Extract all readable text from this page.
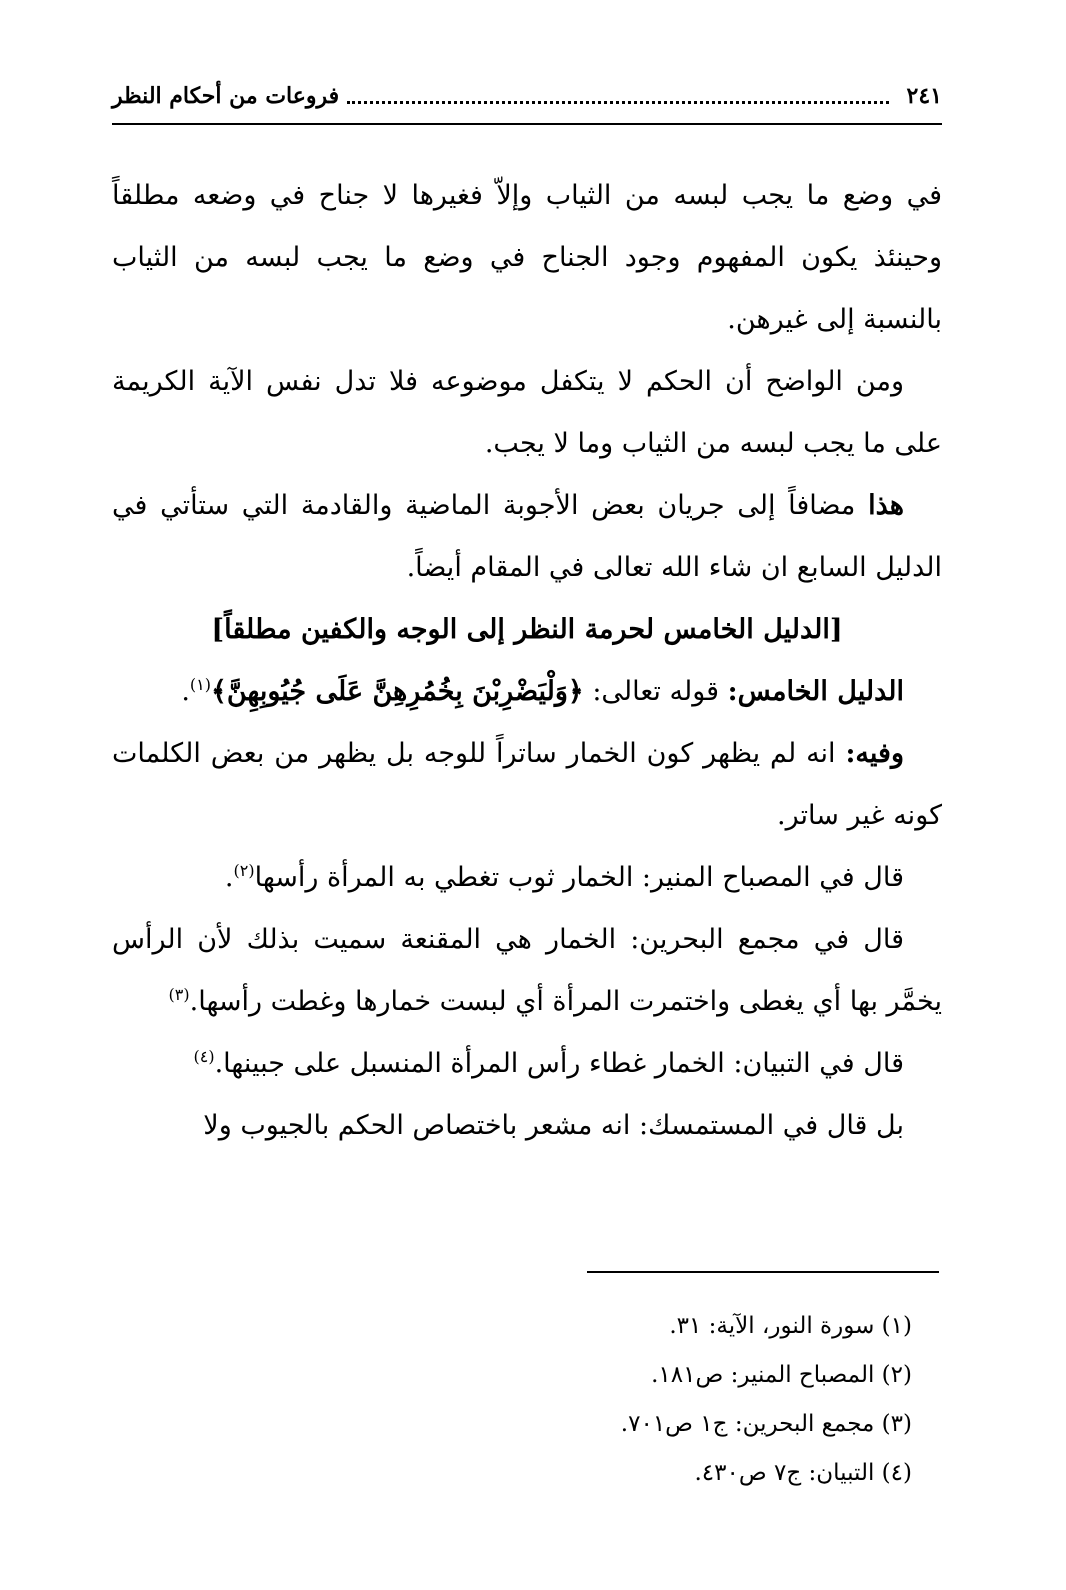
٢٤١
فروعات من أحكام النظر

في وضع ما يجب لبسه من الثياب وإلاّ فغيرها لا جناح في وضعه مطلقاً وحينئذ يكون المفهوم وجود الجناح في وضع ما يجب لبسه من الثياب بالنسبة إلى غيرهن.

ومن الواضح أن الحكم لا يتكفل موضوعه فلا تدل نفس الآية الكريمة على ما يجب لبسه من الثياب وما لا يجب.

هذا مضافاً إلى جريان بعض الأجوبة الماضية والقادمة التي ستأتي في الدليل السابع ان شاء الله تعالى في المقام أيضاً.

[الدليل الخامس لحرمة النظر إلى الوجه والكفين مطلقاً]

الدليل الخامس: قوله تعالى: ﴿وَلْيَضْرِبْنَ بِخُمُرِهِنَّ عَلَى جُيُوبِهِنَّ﴾$^{(١)}$.

وفيه: انه لم يظهر كون الخمار ساتراً للوجه بل يظهر من بعض الكلمات كونه غير ساتر.

قال في المصباح المنير: الخمار ثوب تغطي به المرأة رأسها$^{(٢)}$.

قال في مجمع البحرين: الخمار هي المقنعة سميت بذلك لأن الرأس يخمَّر بها أي يغطى واختمرت المرأة أي لبست خمارها وغطت رأسها.$^{(٣)}$

قال في التبيان: الخمار غطاء رأس المرأة المنسبل على جبينها.$^{(٤)}$

بل قال في المستمسك: انه مشعر باختصاص الحكم بالجيوب ولا

(١) سورة النور، الآية: ٣١.

(٢) المصباح المنير: ص١٨١.

(٣) مجمع البحرين: ج١ ص٧٠١.

(٤) التبيان: ج٧ ص٤٣٠.
